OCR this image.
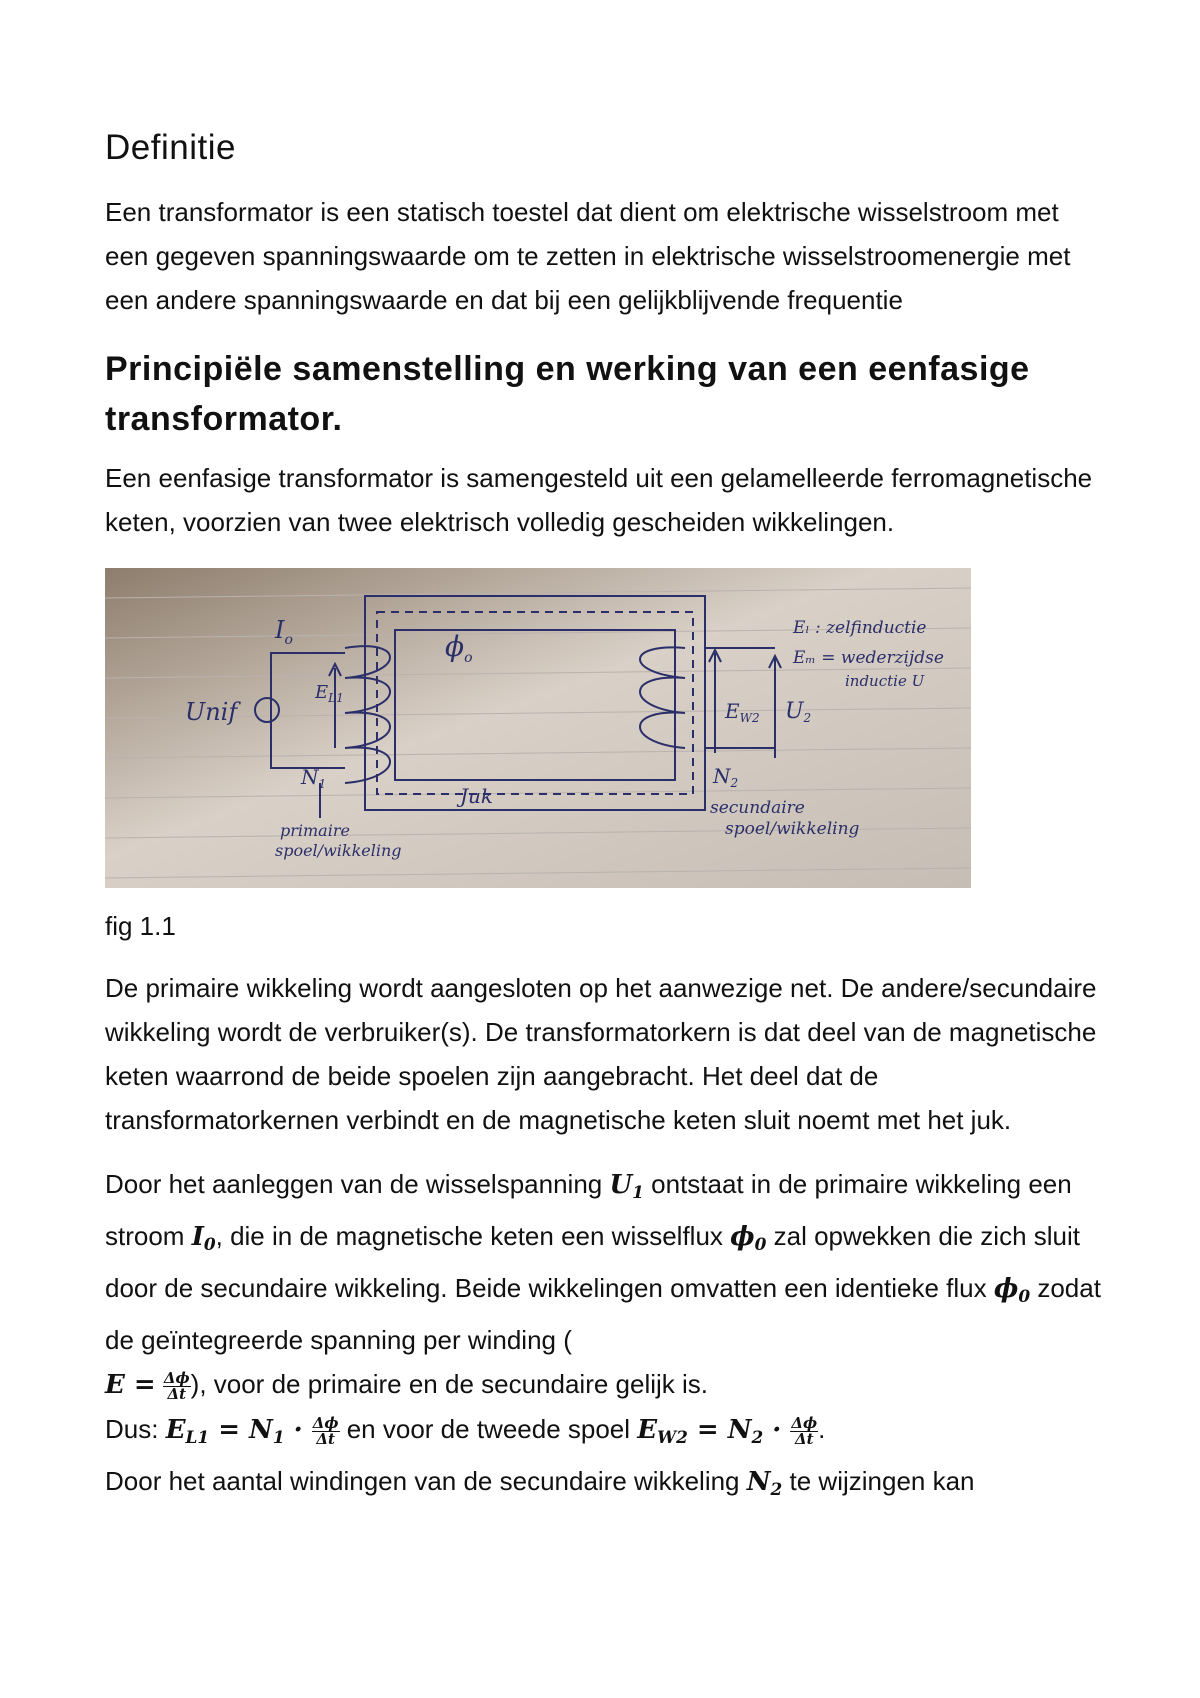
Definitie

Een transformator is een statisch toestel dat dient om elektrische wisselstroom met een gegeven spanningswaarde om te zetten in elektrische wisselstroomenergie met een andere spanningswaarde en dat bij een gelijkblijvende frequentie

Principiële samenstelling en werking van een eenfasige transformator.

Een eenfasige transformator is samengesteld uit een gelamelleerde ferromagnetische keten, voorzien van twee elektrisch volledig gescheiden wikkelingen.

$I_o$	$\phi_o$
Unif
$E_{L1}$
$N_1$
primaire
spoel/wikkeling
Juk
$E_{W2}$ U2
$N_2$
secundaire
spoel/wikkeling
Eₗ : zelfinductie
Eₘ = wederzijdse
inductie U
fig 1.1

De primaire wikkeling wordt aangesloten op het aanwezige net. De andere/secundaire wikkeling wordt de verbruiker(s). De transformatorkern is dat deel van de magnetische keten waarrond de beide spoelen zijn aangebracht. Het deel dat de transformatorkernen verbindt en de magnetische keten sluit noemt met het juk.

Door het aanleggen van de wisselspanning $U_1$ ontstaat in de primaire wikkeling een stroom $I_0$, die in de magnetische keten een wisselflux $\phi_0$ zal opwekken die zich sluit door de secundaire wikkeling. Beide wikkelingen omvatten een identieke flux $\phi_0$ zodat de geïntegreerde spanning per winding (
$E = \frac{\Delta\phi}{\Delta t}$ ), voor de primaire en de secundaire gelijk is.

Dus: $E_{L1} = N_1 \cdot \frac{\Delta\phi}{\Delta t}$ en voor de tweede spoel $E_{W2} = N_2 \cdot \frac{\Delta\phi}{\Delta t}$ .

Door het aantal windingen van de secundaire wikkeling $N_2$ te wijzingen kan
